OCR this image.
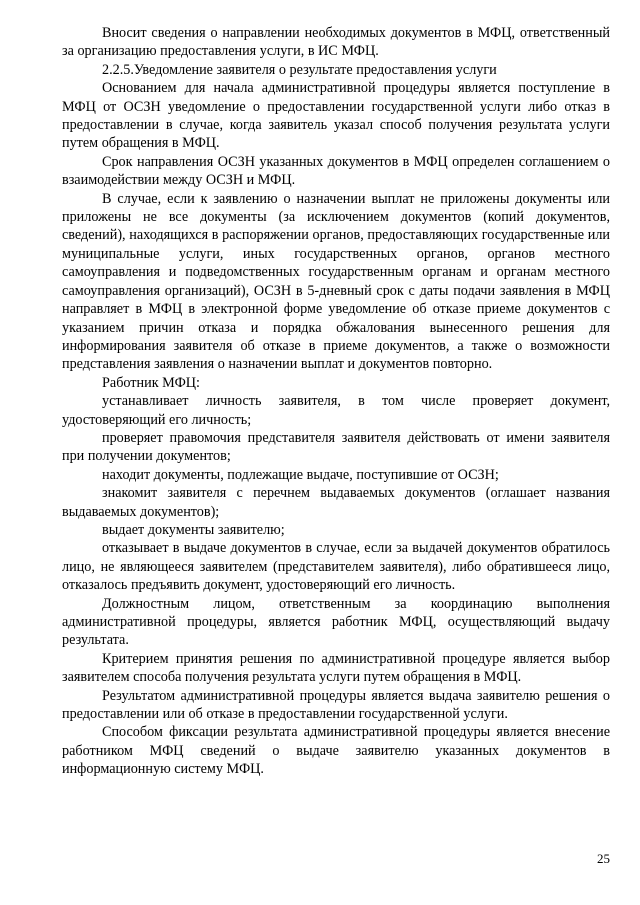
Вносит сведения о направлении необходимых документов в МФЦ, ответственный за организацию предоставления услуги, в ИС МФЦ.

2.2.5.Уведомление заявителя о результате предоставления услуги

Основанием для начала административной процедуры является поступление в МФЦ от ОСЗН уведомление о предоставлении государственной услуги либо отказ в предоставлении в случае, когда заявитель указал способ получения результата услуги путем обращения в МФЦ.

Срок направления ОСЗН указанных документов в МФЦ определен соглашением о взаимодействии между ОСЗН и МФЦ.

В случае, если к заявлению о назначении выплат не приложены документы или приложены не все документы (за исключением документов (копий документов, сведений), находящихся в распоряжении органов, предоставляющих государственные или муниципальные услуги, иных государственных органов, органов местного самоуправления и подведомственных государственным органам и органам местного самоуправления организаций), ОСЗН в 5-дневный срок с даты подачи заявления в МФЦ направляет в МФЦ в электронной форме уведомление об отказе приеме документов с указанием причин отказа и порядка обжалования вынесенного решения для информирования заявителя об отказе в приеме документов, а также о возможности представления заявления о назначении выплат и документов повторно.

Работник МФЦ:

устанавливает личность заявителя, в том числе проверяет документ, удостоверяющий его личность;

проверяет правомочия представителя заявителя действовать от имени заявителя при получении документов;

находит документы, подлежащие выдаче, поступившие от ОСЗН;

знакомит заявителя с перечнем выдаваемых документов (оглашает названия выдаваемых документов);

выдает документы заявителю;

отказывает в выдаче документов в случае, если за выдачей документов обратилось лицо, не являющееся заявителем (представителем заявителя), либо обратившееся лицо, отказалось предъявить документ, удостоверяющий его личность.

Должностным лицом, ответственным за координацию выполнения административной процедуры, является работник МФЦ, осуществляющий выдачу результата.

Критерием принятия решения по административной процедуре является выбор заявителем способа получения результата услуги путем обращения в МФЦ.

Результатом административной процедуры является выдача заявителю решения о предоставлении или об отказе в предоставлении государственной услуги.

Способом фиксации результата административной процедуры является внесение работником МФЦ сведений о выдаче заявителю указанных документов в информационную систему МФЦ.

25
